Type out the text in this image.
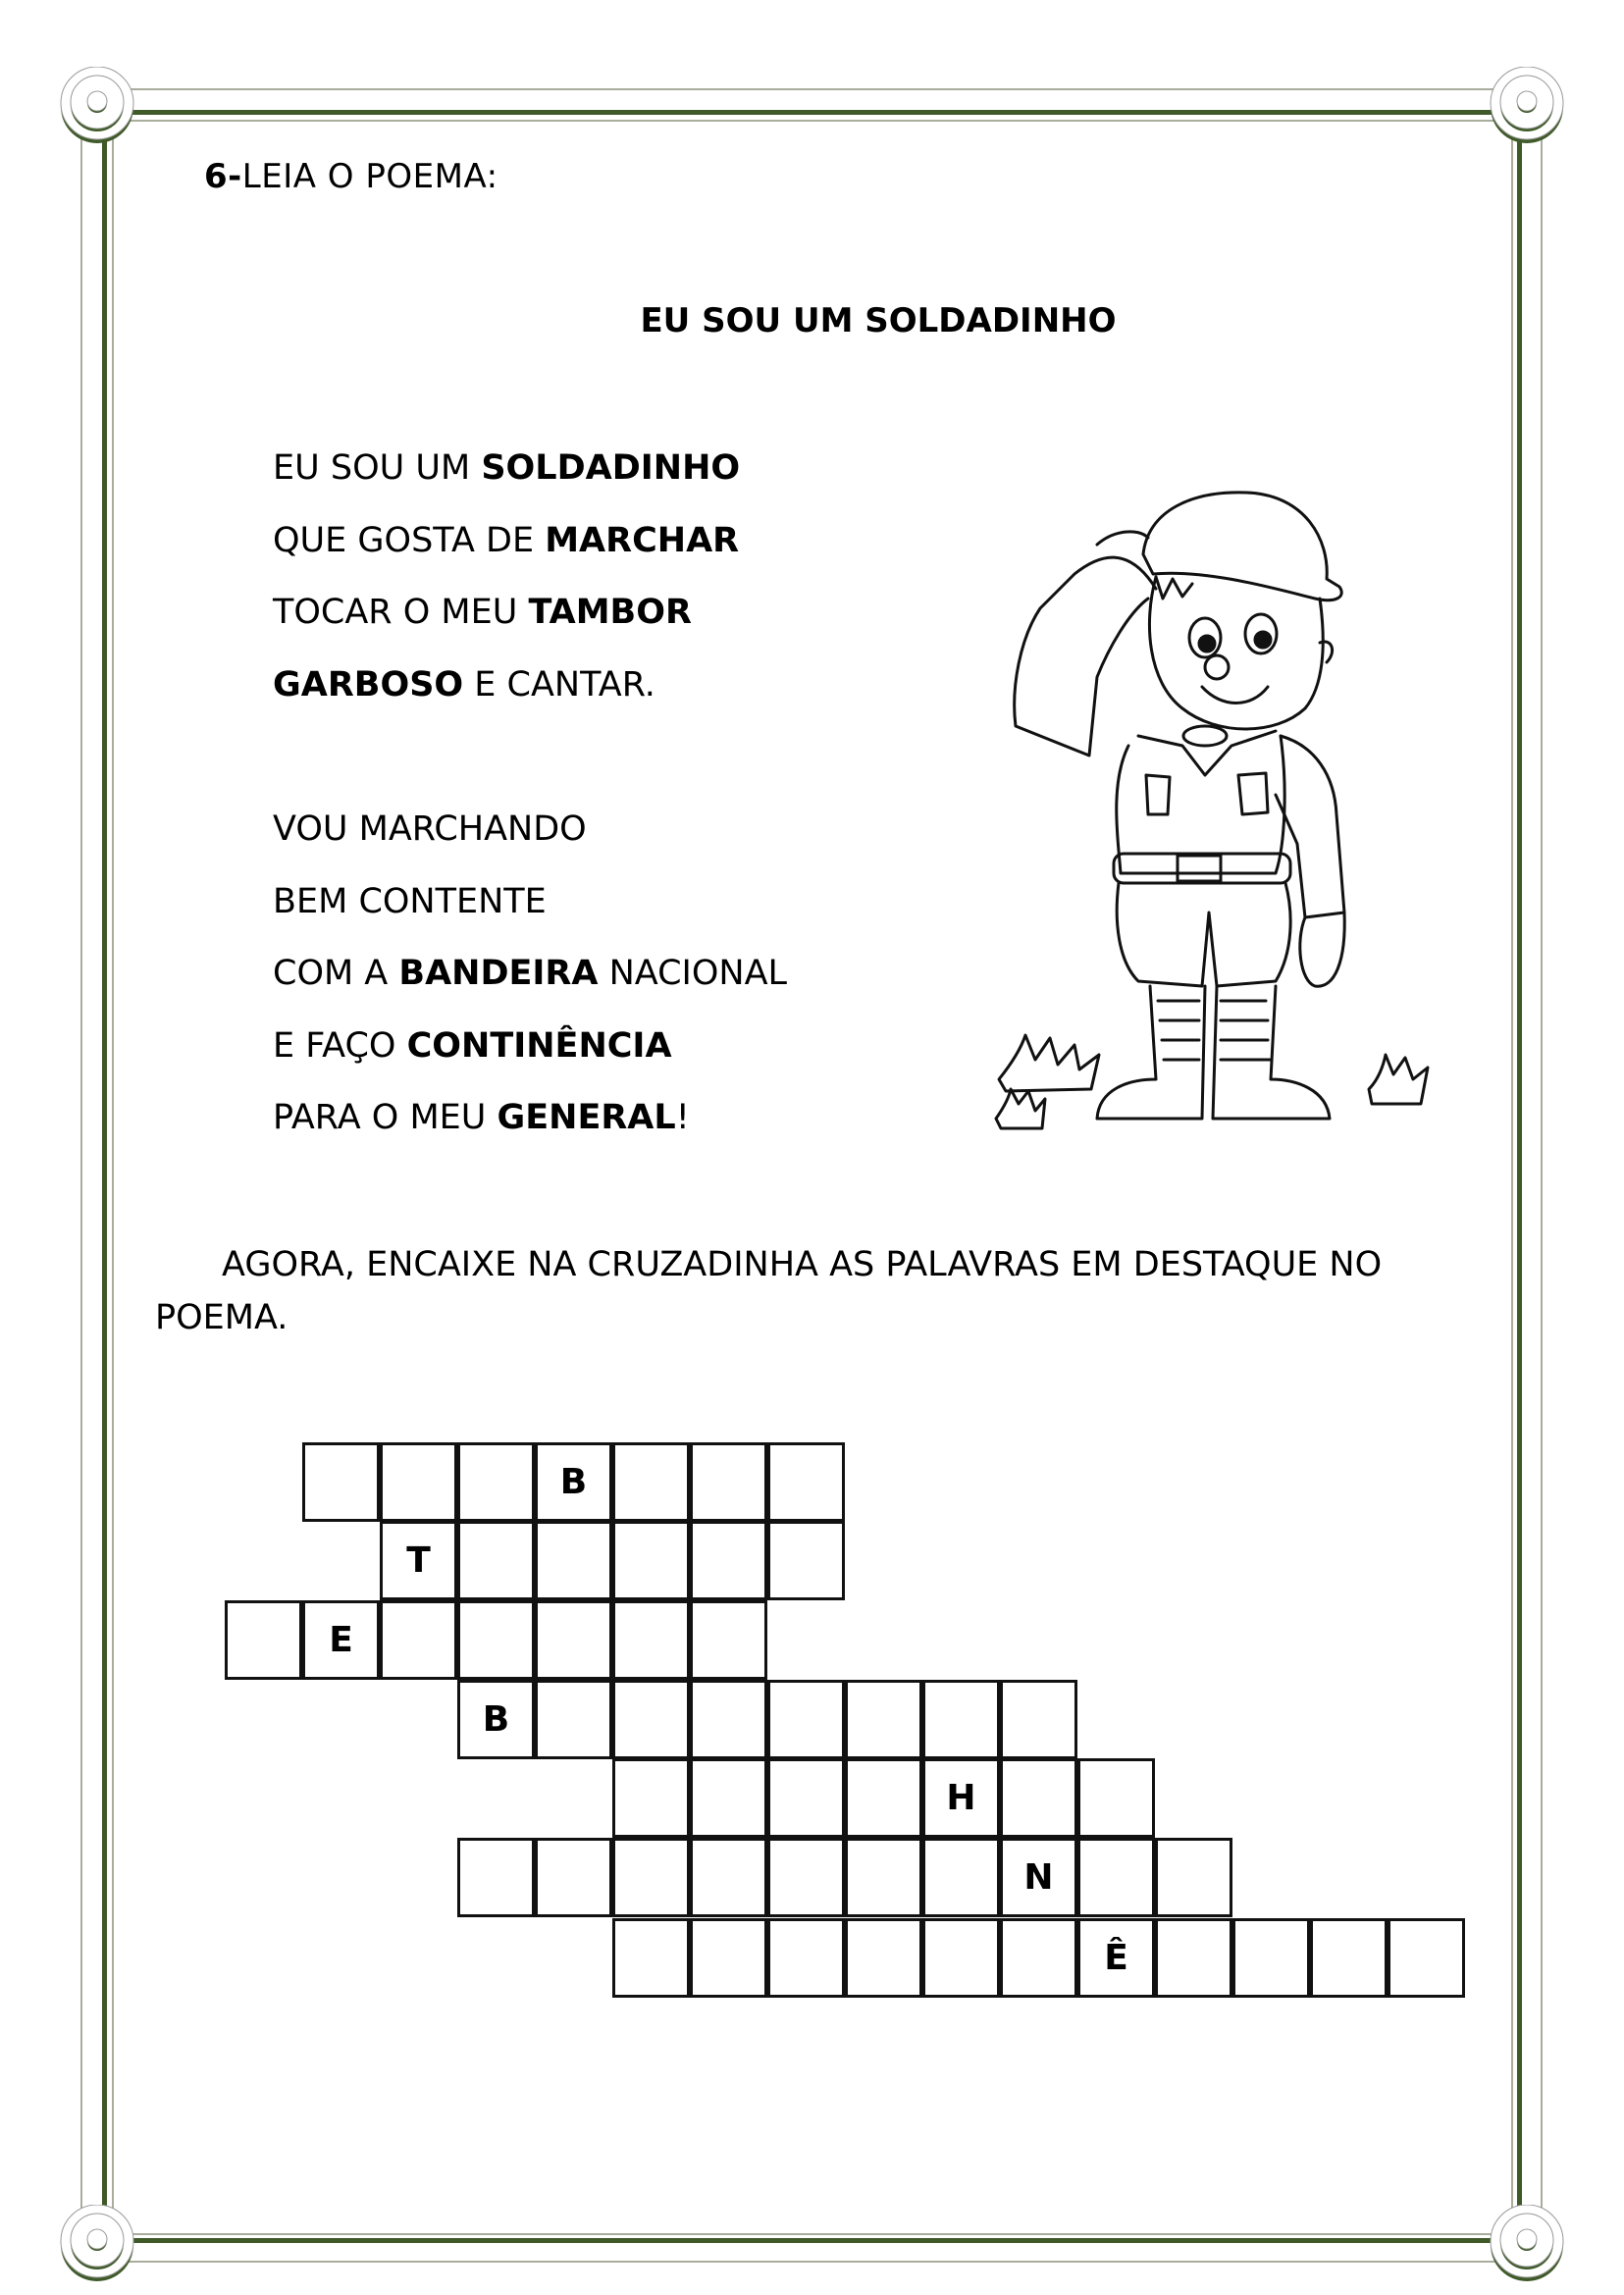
6-LEIA O POEMA:
EU SOU UM SOLDADINHO
EU SOU UM SOLDADINHO
QUE GOSTA DE MARCHAR
TOCAR O MEU TAMBOR
GARBOSO E CANTAR.
VOU MARCHANDO
BEM CONTENTE
COM A BANDEIRA NACIONAL
E FAÇO CONTINÊNCIA
PARA O MEU GENERAL!
AGORA, ENCAIXE NA CRUZADINHA AS PALAVRAS EM DESTAQUE NO POEMA.
B
T
E
B
H
N
Ê
